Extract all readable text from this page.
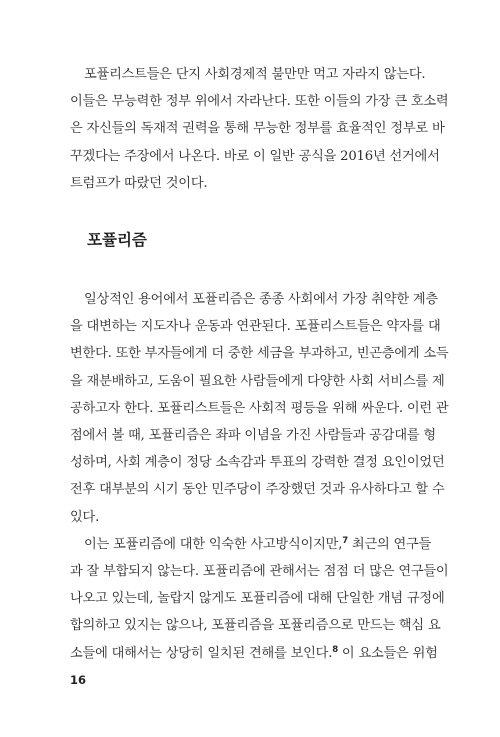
포퓰리스트들은 단지 사회경제적 불만만 먹고 자라지 않는다.
이들은 무능력한 정부 위에서 자라난다. 또한 이들의 가장 큰 호소력
은 자신들의 독재적 권력을 통해 무능한 정부를 효율적인 정부로 바
꾸겠다는 주장에서 나온다. 바로 이 일반 공식을 2016년 선거에서
트럼프가 따랐던 것이다.
포퓰리즘
일상적인 용어에서 포퓰리즘은 종종 사회에서 가장 취약한 계층
을 대변하는 지도자나 운동과 연관된다. 포퓰리스트들은 약자를 대
변한다. 또한 부자들에게 더 중한 세금을 부과하고, 빈곤층에게 소득
을 재분배하고, 도움이 필요한 사람들에게 다양한 사회 서비스를 제
공하고자 한다. 포퓰리스트들은 사회적 평등을 위해 싸운다. 이런 관
점에서 볼 때, 포퓰리즘은 좌파 이념을 가진 사람들과 공감대를 형
성하며, 사회 계층이 정당 소속감과 투표의 강력한 결정 요인이었던
전후 대부분의 시기 동안 민주당이 주장했던 것과 유사하다고 할 수
있다.
이는 포퓰리즘에 대한 익숙한 사고방식이지만,$^7$ 최근의 연구들
과 잘 부합되지 않는다. 포퓰리즘에 관해서는 점점 더 많은 연구들이
나오고 있는데, 놀랍지 않게도 포퓰리즘에 대해 단일한 개념 규정에
합의하고 있지는 않으나, 포퓰리즘을 포퓰리즘으로 만드는 핵심 요
소들에 대해서는 상당히 일치된 견해를 보인다.$^8$ 이 요소들은 위험
16
